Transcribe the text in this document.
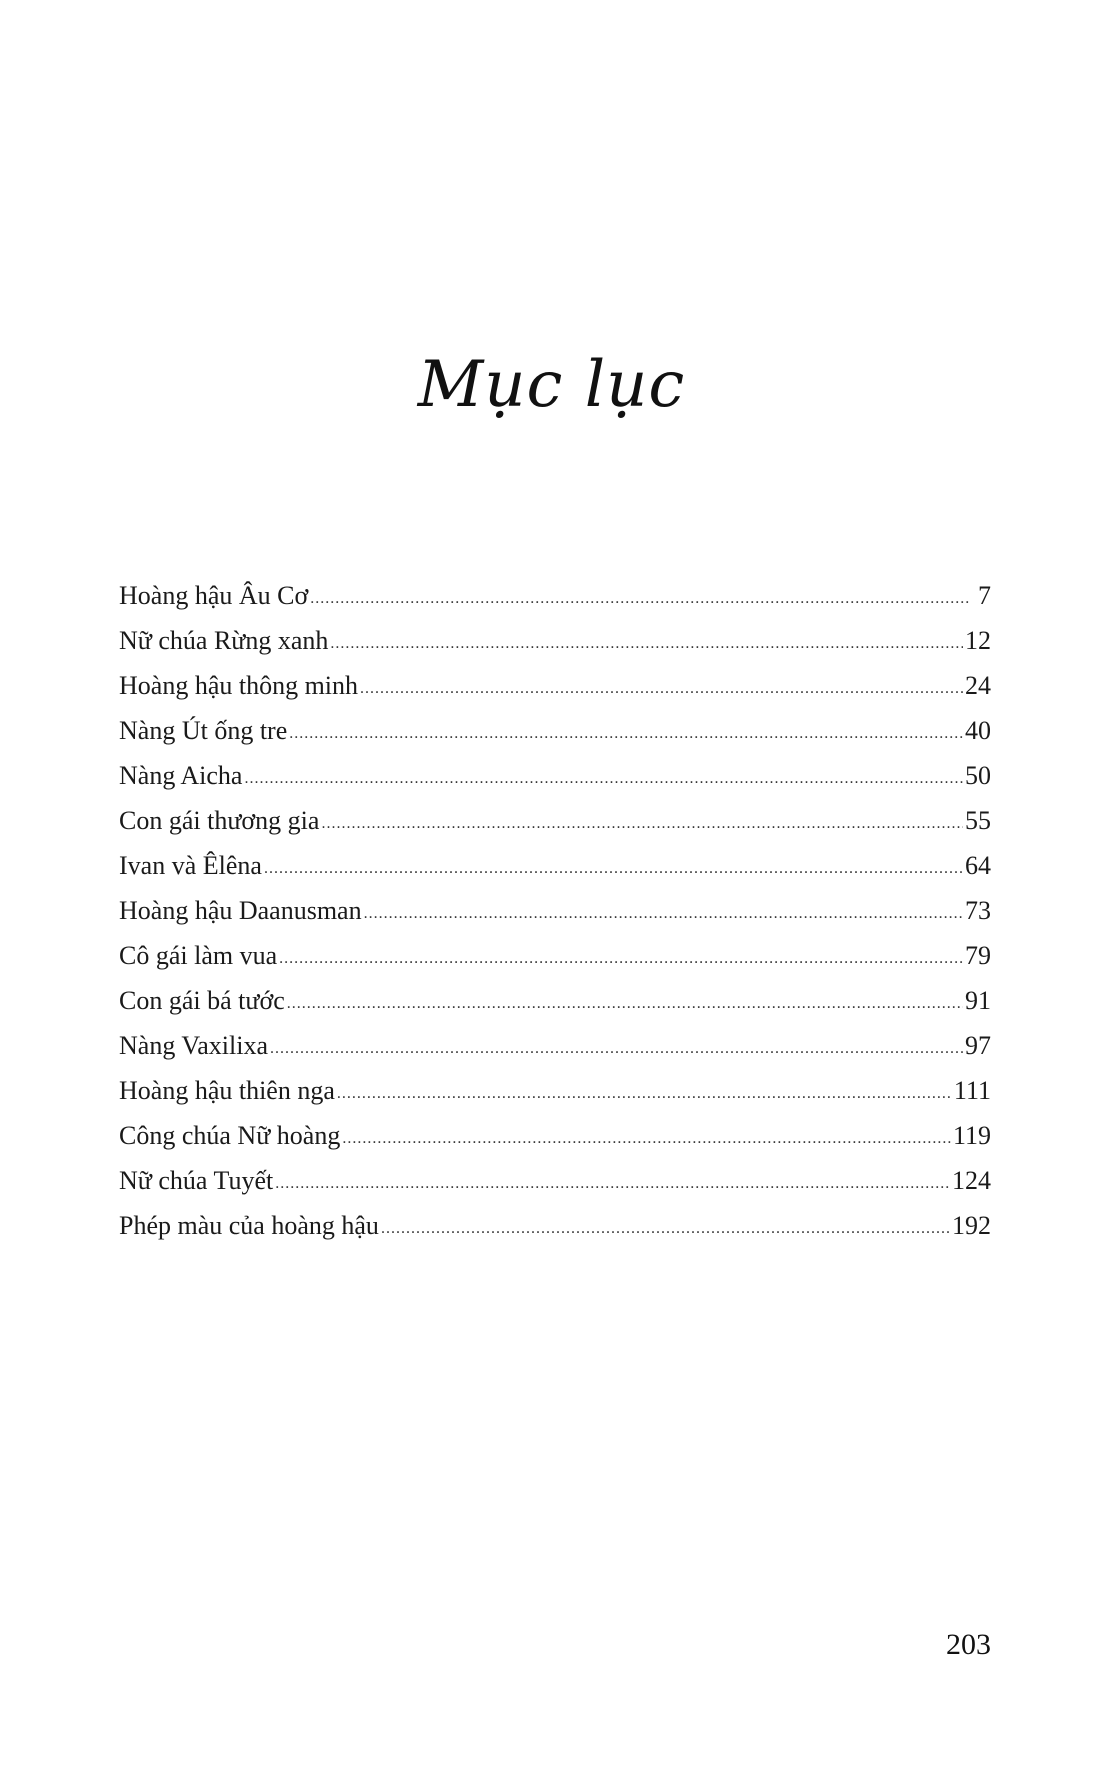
Mục lục
Hoàng hậu Âu Cơ .....	7
Nữ chúa Rừng xanh .....	12
Hoàng hậu thông minh .....	24
Nàng Út ống tre .....	40
Nàng Aicha .....	50
Con gái thương gia .....	55
Ivan và Êlêna .....	64
Hoàng hậu Daanusman .....	73
Cô gái làm vua .....	79
Con gái bá tước .....	91
Nàng Vaxilixa .....	97
Hoàng hậu thiên nga .....	111
Công chúa Nữ hoàng .....	119
Nữ chúa Tuyết .....	124
Phép màu của hoàng hậu .....	192
203
